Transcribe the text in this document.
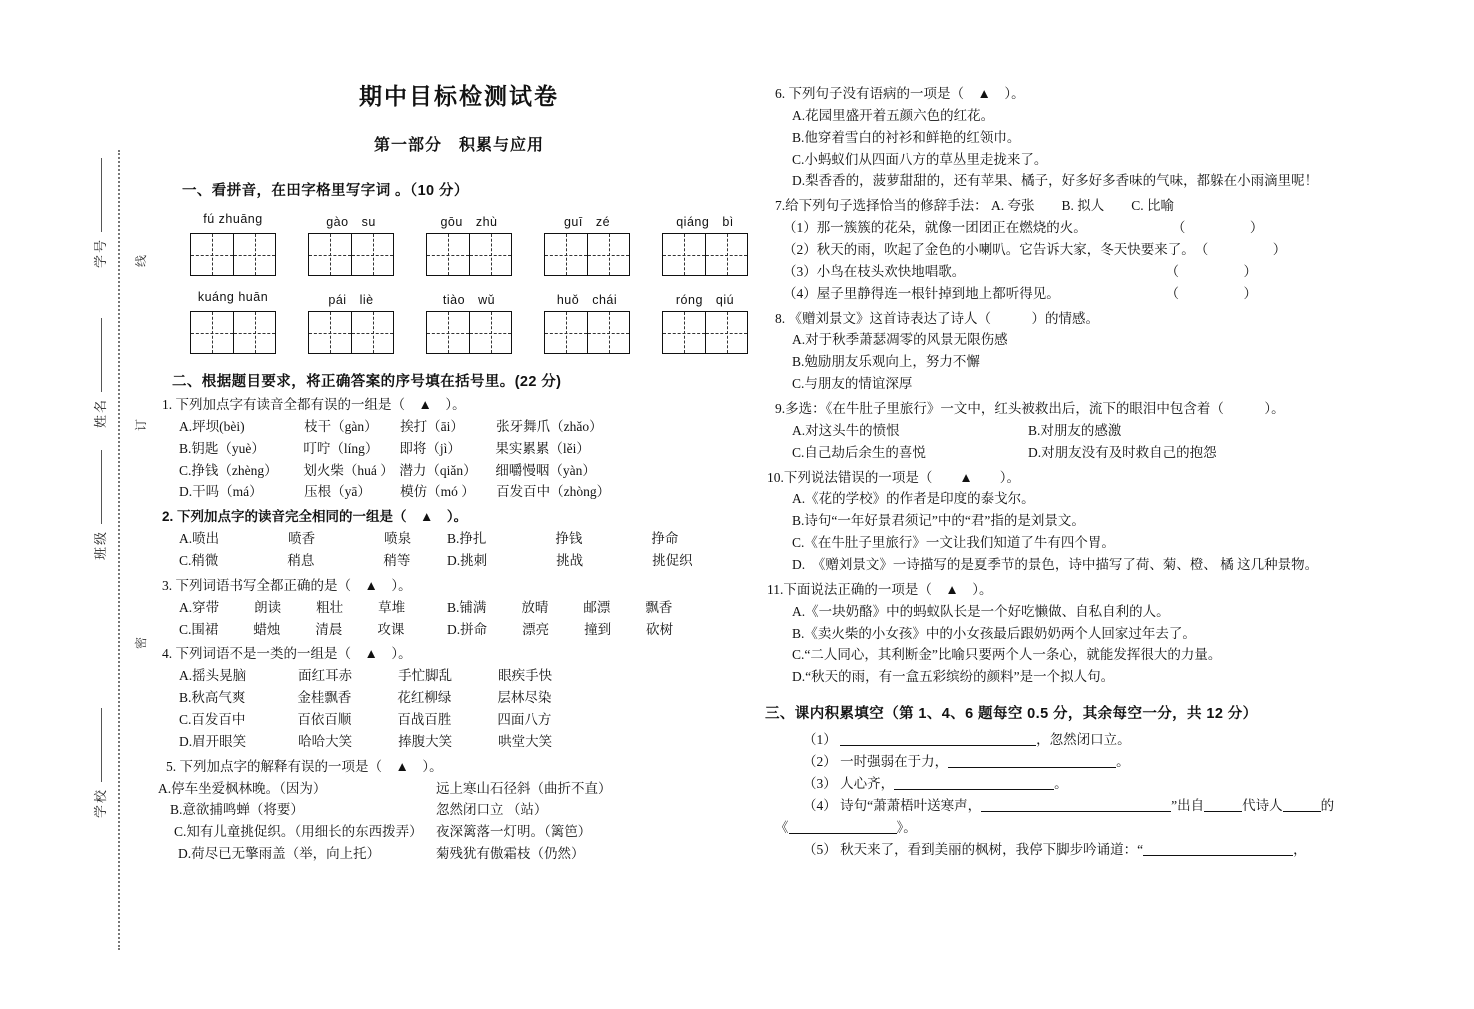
线
订
密
学号
姓名
班级
学校
期中目标检测试卷
第一部分　积累与应用
一、看拼音，在田字格里写字词 。（10 分）
fú zhuāng	gào　su	gōu　zhù	guī　zé	qiáng　bì
kuáng huān	pái　liè	tiào　wǔ	huǒ　chái	róng　qiú
二、根据题目要求，将正确答案的序号填在括号里。(22 分)
1. 下列加点字有读音全都有误的一组是（　▲　）。
A.坪坝(bèi)	枝干（gàn） 挨打（āi） 张牙舞爪（zhǎo）
B.钥匙（yuè）	叮咛（líng） 即将（jì）	果实累累（lěi）
C.挣钱（zhèng） 划火柴（huá ） 潜力（qiǎn） 细嚼慢咽（yàn）
D.干吗（má）	压根（yā） 模仿（mó ） 百发百中（zhòng）
2. 下列加点字的读音完全相同的一组是（　▲　）。
A.喷出	喷香	喷泉	B.挣扎	挣钱	挣命
C.稍微	稍息	稍等	D.挑刺	挑战	挑促织
3. 下列词语书写全都正确的是（　▲　）。
A.穿带	朗读	粗壮	草堆	B.铺满	放晴	邮漂	飘香
C.围裙	蜡烛	清晨	攻课	D.拼命	漂亮	撞到	砍树
4. 下列词语不是一类的一组是（　▲　）。
A.摇头晃脑	面红耳赤	手忙脚乱	眼疾手快
B.秋高气爽	金桂飘香	花红柳绿	层林尽染
C.百发百中	百依百顺	百战百胜	四面八方
D.眉开眼笑	哈哈大笑	捧腹大笑	哄堂大笑
5. 下列加点字的解释有误的一项是（　▲　）。
A.停车坐爱枫林晚。（因为）	远上寒山石径斜（曲折不直）
B.意欲捕鸣蝉（将要）	忽然闭口立 （站）
C.知有儿童挑促织。（用细长的东西拨弄） 夜深篱落一灯明。（篱笆）
D.荷尽已无擎雨盖（举，向上托）	菊残犹有傲霜枝（仍然）
6. 下列句子没有语病的一项是（　▲　）。
A.花园里盛开着五颜六色的红花。
B.他穿着雪白的衬衫和鲜艳的红领巾。
C.小蚂蚁们从四面八方的草丛里走拢来了。
D.梨香香的，菠萝甜甜的，还有苹果、橘子，好多好多香味的气味，都躲在小雨滴里呢！
7.给下列句子选择恰当的修辞手法： A. 夸张　　B. 拟人　　C. 比喻
（1）那一簇簇的花朵，就像一团团正在燃烧的火。	（　　　）
（2）秋天的雨，吹起了金色的小喇叭。它告诉大家，冬天快要来了。 （　　　）
（3）小鸟在枝头欢快地唱歌。	（　　　）
（4）屋子里静得连一根针掉到地上都听得见。	（　　　）
8. 《赠刘景文》这首诗表达了诗人（　　　）的情感。
A.对于秋季萧瑟凋零的风景无限伤感
B.勉励朋友乐观向上，努力不懈
C.与朋友的情谊深厚
9.多选：《在牛肚子里旅行》一文中，红头被救出后，流下的眼泪中包含着（　　　）。
A.对这头牛的愤恨	B.对朋友的感激
C.自己劫后余生的喜悦	D.对朋友没有及时救自己的抱怨
10.下列说法错误的一项是（　　▲　　）。
A.《花的学校》的作者是印度的泰戈尔。
B.诗句“一年好景君须记”中的“君”指的是刘景文。
C.《在牛肚子里旅行》一文让我们知道了牛有四个胃。
D.　《赠刘景文》一诗描写的是夏季节的景色，诗中描写了荷、菊、橙、 橘 这几种景物。
11.下面说法正确的一项是（　▲　）。
A.《一块奶酪》中的蚂蚁队长是一个好吃懒做、自私自利的人。
B.《卖火柴的小女孩》中的小女孩最后跟奶奶两个人回家过年去了。
C.“二人同心，其利断金”比喻只要两个人一条心，就能发挥很大的力量。
D.“秋天的雨，有一盒五彩缤纷的颜料”是一个拟人句。
三、课内积累填空（第 1、4、6 题每空 0.5 分，其余每空一分，共 12 分）
（1）	，忽然闭口立。
（2） 一时强弱在于力，	。
（3） 人心齐，	。
（4） 诗句“萧萧梧叶送寒声，	”出自	代诗人	的
《	》。
（5） 秋天来了，看到美丽的枫树，我停下脚步吟诵道：“	，
